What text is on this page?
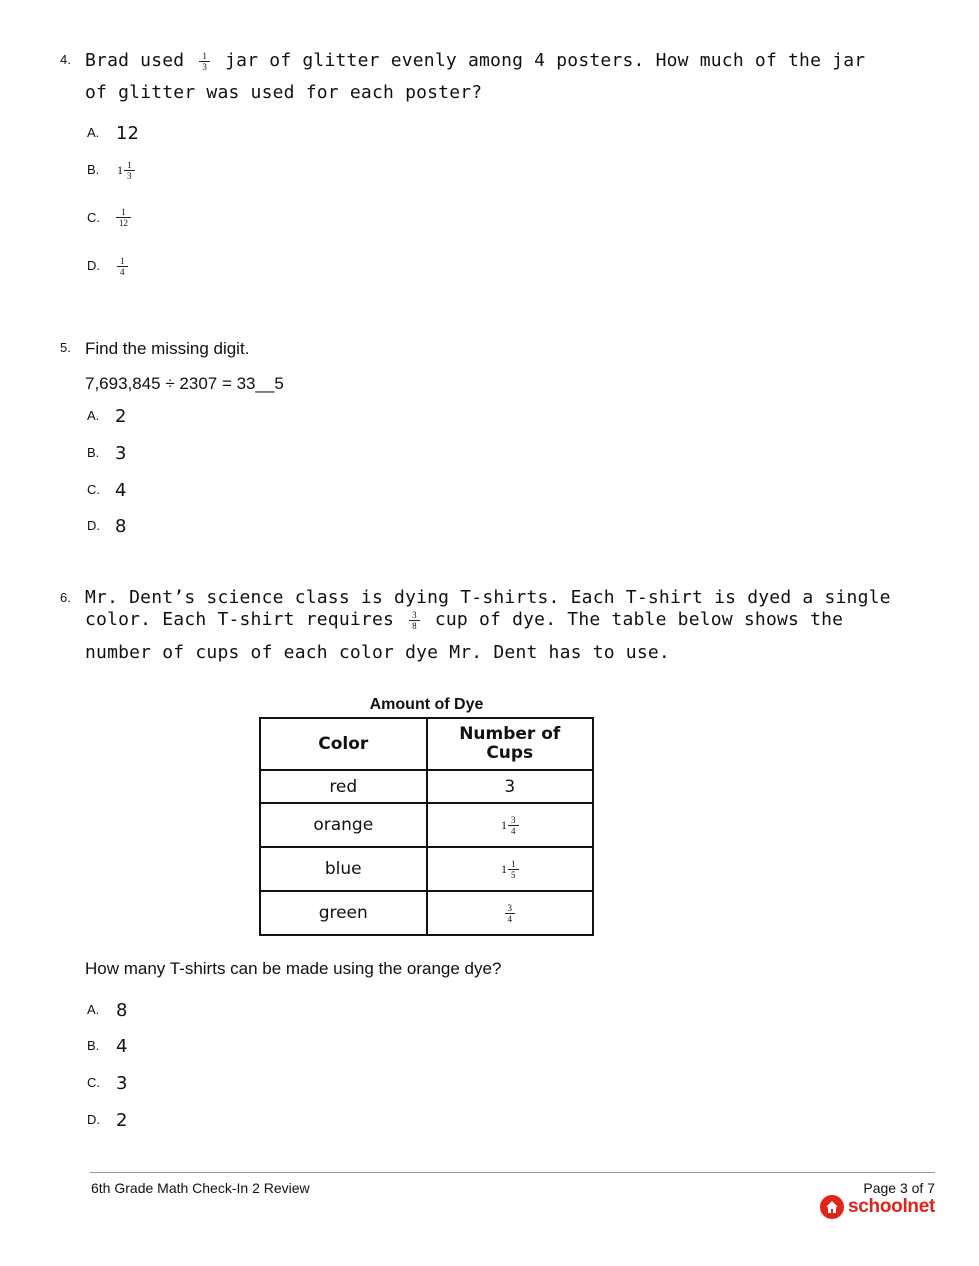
4. Brad used $\frac{1}{3}$ jar of glitter evenly among 4 posters. How much of the jar
of glitter was used for each poster?
A. 12
B. $1 \frac{1}{3}$
C. $\frac{1}{12}$
D. $\frac{1}{4}$
5. Find the missing digit.
7,693,845 ÷ 2307 = 33__5
A. 2
B. 3
C. 4
D. 8
6. Mr. Dent’s science class is dying T-shirts. Each T-shirt is dyed a single
color. Each T-shirt requires $\frac{3}{8}$ cup of dye. The table below shows the
number of cups of each color dye Mr. Dent has to use.
Amount of Dye
Color	Number of Cups

red	3
orange	$1 \frac{3}{4}$

blue	$1 \frac{1}{5}$

green	$\frac{3}{4}$
How many T-shirts can be made using the orange dye?
A. 8
B. 4
C. 3
D. 2
6th Grade Math Check-In 2 Review	Page 3 of 7
schoolnet
